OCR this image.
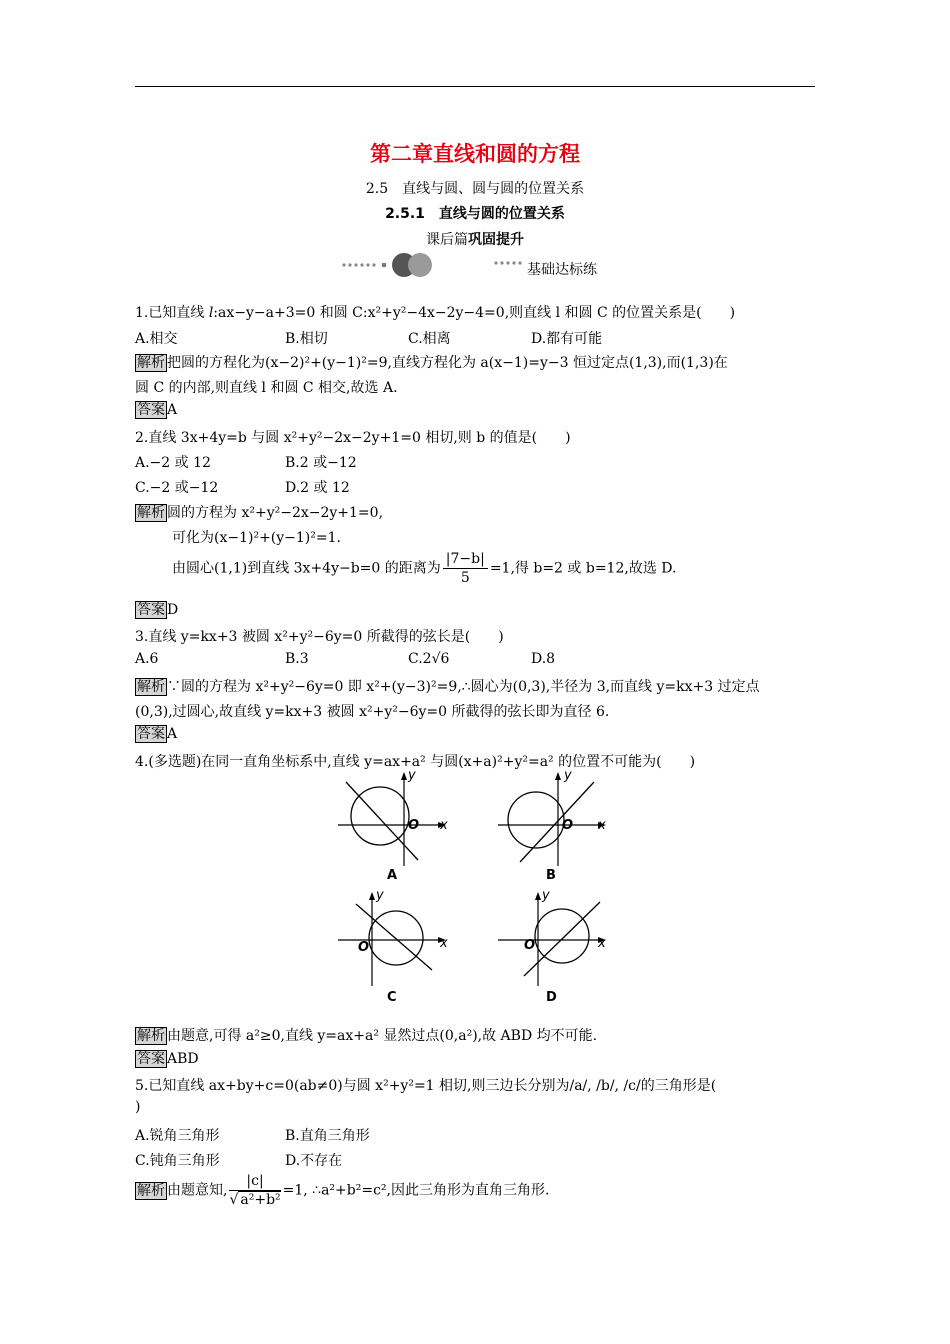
第二章直线和圆的方程
2.5　直线与圆、圆与圆的位置关系
2.5.1　直线与圆的位置关系
课后篇巩固提升
基础达标练
1.已知直线 l:ax−y−a+3=0 和圆 C:x²+y²−4x−2y−4=0,则直线 l 和圆 C 的位置关系是(　　)
A.相交	B.相切	C.相离	D.都有可能
解析 把圆的方程化为(x−2)²+(y−1)²=9,直线方程化为 a(x−1)=y−3 恒过定点(1,3),而(1,3)在
圆 C 的内部,则直线 l 和圆 C 相交,故选 A.
答案 A
2.直线 3x+4y=b 与圆 x²+y²−2x−2y+1=0 相切,则 b 的值是(　　)
A.−2 或 12	B.2 或−12
C.−2 或−12	D.2 或 12
解析 圆的方程为 x²+y²−2x−2y+1=0,
可化为(x−1)²+(y−1)²=1.
由圆心(1,1)到直线 3x+4y−b=0 的距离为 $\frac{|7-b|}{5} =1$,得 b=2 或 b=12,故选 D.
答案 D
3.直线 y=kx+3 被圆 x²+y²−6y=0 所截得的弦长是(　　)
A.6	B.3	C.2√6	D.8
解析 ∵圆的方程为 x²+y²−6y=0 即 x²+(y−3)²=9,∴圆心为(0,3),半径为 3,而直线 y=kx+3 过定点
(0,3),过圆心,故直线 y=kx+3 被圆 x²+y²−6y=0 所截得的弦长即为直径 6.
答案 A
4.(多选题)在同一直角坐标系中,直线 y=ax+a² 与圆(x+a)²+y²=a² 的位置不可能为(　　)
O x
y
A
O x
y
B
O	x
y
C
O	x
y
D
解析 由题意,可得 a²≥0,直线 y=ax+a² 显然过点(0,a²),故 ABD 均不可能.
答案 ABD
5.已知直线 ax+by+c=0(ab≠0)与圆 x²+y²=1 相切,则三边长分别为/a/, /b/, /c/的三角形是(
)
A.锐角三角形	B.直角三角形
C.钝角三角形	D.不存在
解析 由题意知, $\frac{|c|}{\text{√ a²+b²}} =1$, ∴a²+b²=c²,因此三角形为直角三角形.
